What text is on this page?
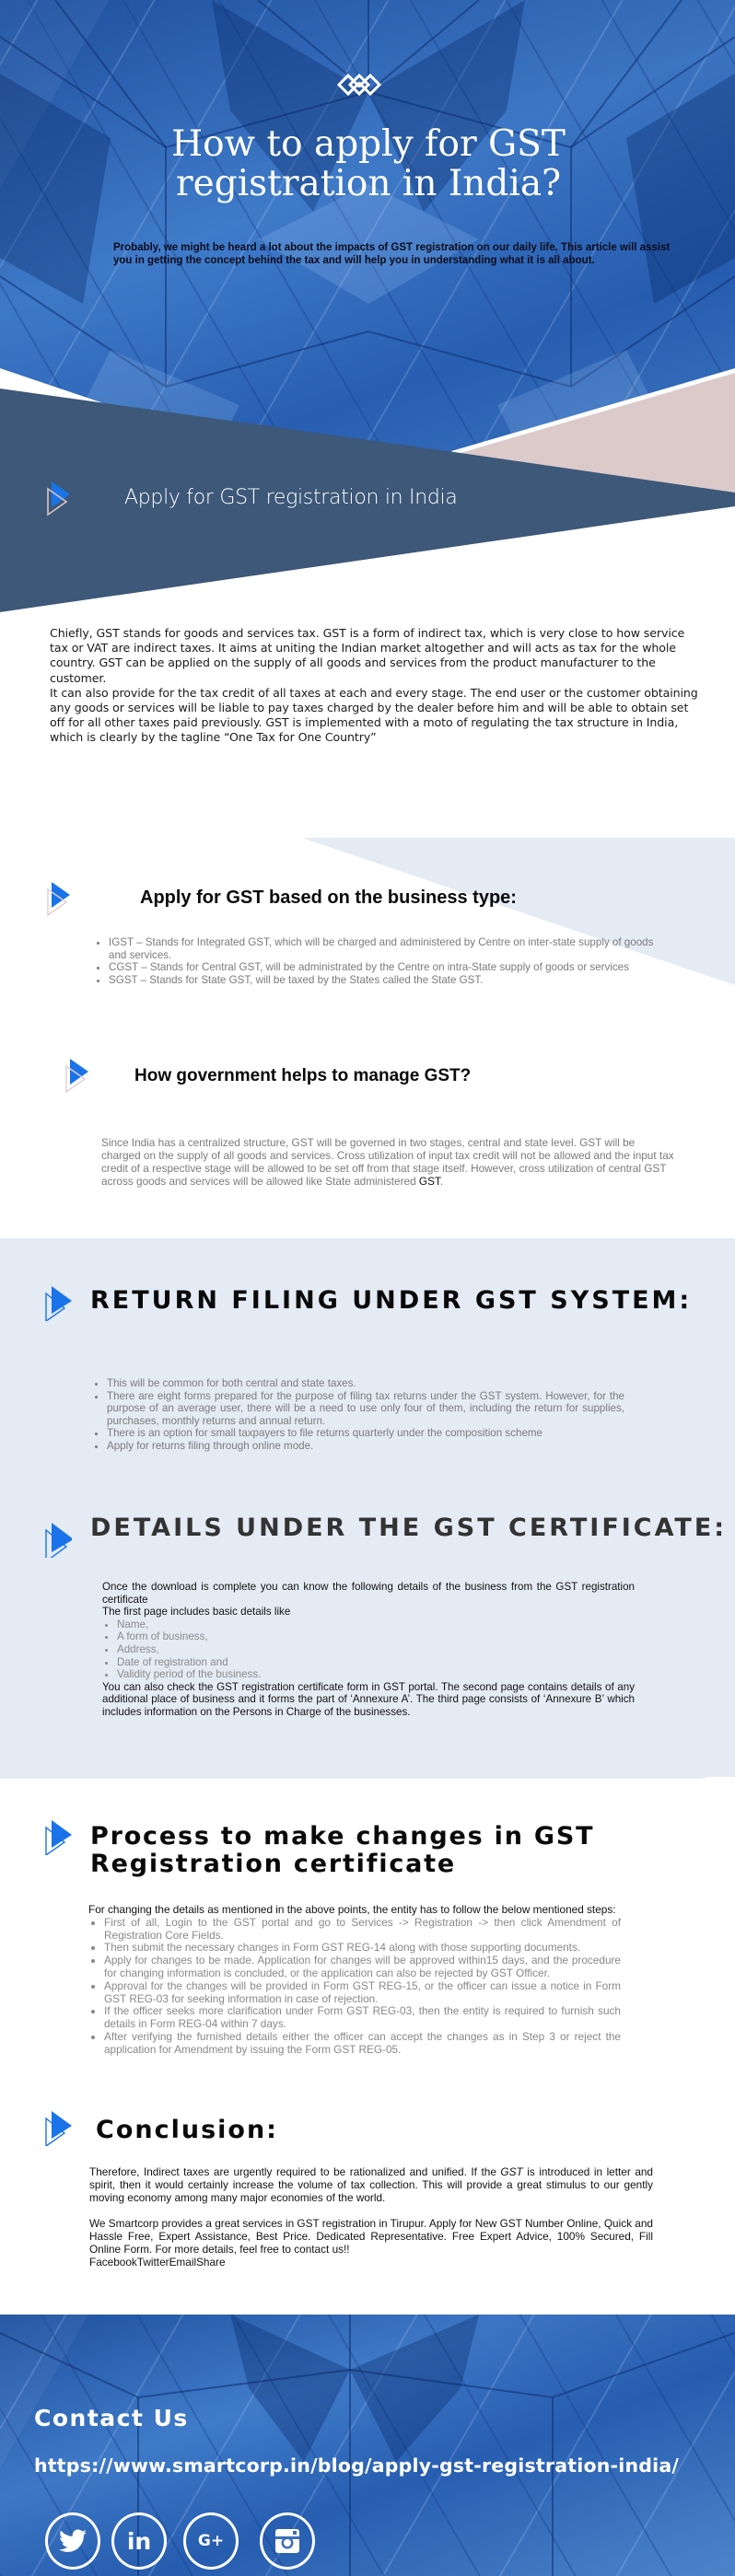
How to apply for GST registration in India?

Probably, we might be heard a lot about the impacts of GST registration on our daily life. This article will assist you in getting the concept behind the tax and will help you in understanding what it is all about.

Apply for GST registration in India

Chiefly, GST stands for goods and services tax. GST is a form of indirect tax, which is very close to how service tax or VAT are indirect taxes. It aims at uniting the Indian market altogether and will acts as tax for the whole country. GST can be applied on the supply of all goods and services from the product manufacturer to the customer.

It can also provide for the tax credit of all taxes at each and every stage. The end user or the customer obtaining any goods or services will be liable to pay taxes charged by the dealer before him and will be able to obtain set off for all other taxes paid previously. GST is implemented with a moto of regulating the tax structure in India, which is clearly by the tagline “One Tax for One Country”

Apply for GST based on the business type:
• IGST – Stands for Integrated GST, which will be charged and administered by Centre on inter-state supply of goods and services.
• CGST – Stands for Central GST, will be administrated by the Centre on intra-State supply of goods or services
• SGST – Stands for State GST, will be taxed by the States called the State GST.
How government helps to manage GST?

Since India has a centralized structure, GST will be governed in two stages, central and state level. GST will be charged on the supply of all goods and services. Cross utilization of input tax credit will not be allowed and the input tax credit of a respective stage will be allowed to be set off from that stage itself. However, cross utilization of central GST across goods and services will be allowed like State administered GST.

RETURN FILING UNDER GST SYSTEM:
• This will be common for both central and state taxes.
• There are eight forms prepared for the purpose of filing tax returns under the GST system. However, for the purpose of an average user, there will be a need to use only four of them, including the return for supplies, purchases, monthly returns and annual return.
• There is an option for small taxpayers to file returns quarterly under the composition scheme
• Apply for returns filing through online mode.
DETAILS UNDER THE GST CERTIFICATE:

Once the download is complete you can know the following details of the business from the GST registration certificate

The first page includes basic details like

• Name,
• A form of business,
• Address,
• Date of registration and
• Validity period of the business.

You can also check the GST registration certificate form in GST portal. The second page contains details of any additional place of business and it forms the part of ‘Annexure A’. The third page consists of ‘Annexure B’ which includes information on the Persons in Charge of the businesses.

Process to make changes in GST Registration certificate

For changing the details as mentioned in the above points, the entity has to follow the below mentioned steps:

• First of all, Login to the GST portal and go to Services -> Registration -> then click Amendment of Registration Core Fields.
• Then submit the necessary changes in Form GST REG-14 along with those supporting documents.
• Apply for changes to be made. Application for changes will be approved within15 days, and the procedure for changing information is concluded, or the application can also be rejected by GST Officer.
• Approval for the changes will be provided in Form GST REG-15, or the officer can issue a notice in Form GST REG-03 for seeking information in case of rejection.
• If the officer seeks more clarification under Form GST REG-03, then the entity is required to furnish such details in Form REG-04 within 7 days.
• After verifying the furnished details either the officer can accept the changes as in Step 3 or reject the application for Amendment by issuing the Form GST REG-05.
Conclusion:

Therefore, Indirect taxes are urgently required to be rationalized and unified. If the GST is introduced in letter and spirit, then it would certainly increase the volume of tax collection. This will provide a great stimulus to our gently moving economy among many major economies of the world.

We Smartcorp provides a great services in GST registration in Tirupur. Apply for New GST Number Online, Quick and Hassle Free, Expert Assistance, Best Price. Dedicated Representative. Free Expert Advice, 100% Secured, Fill Online Form. For more details, feel free to contact us!!

FacebookTwitterEmailShare

Contact Us
https://www.smartcorp.in/blog/apply-gst-registration-india/
in	G+
